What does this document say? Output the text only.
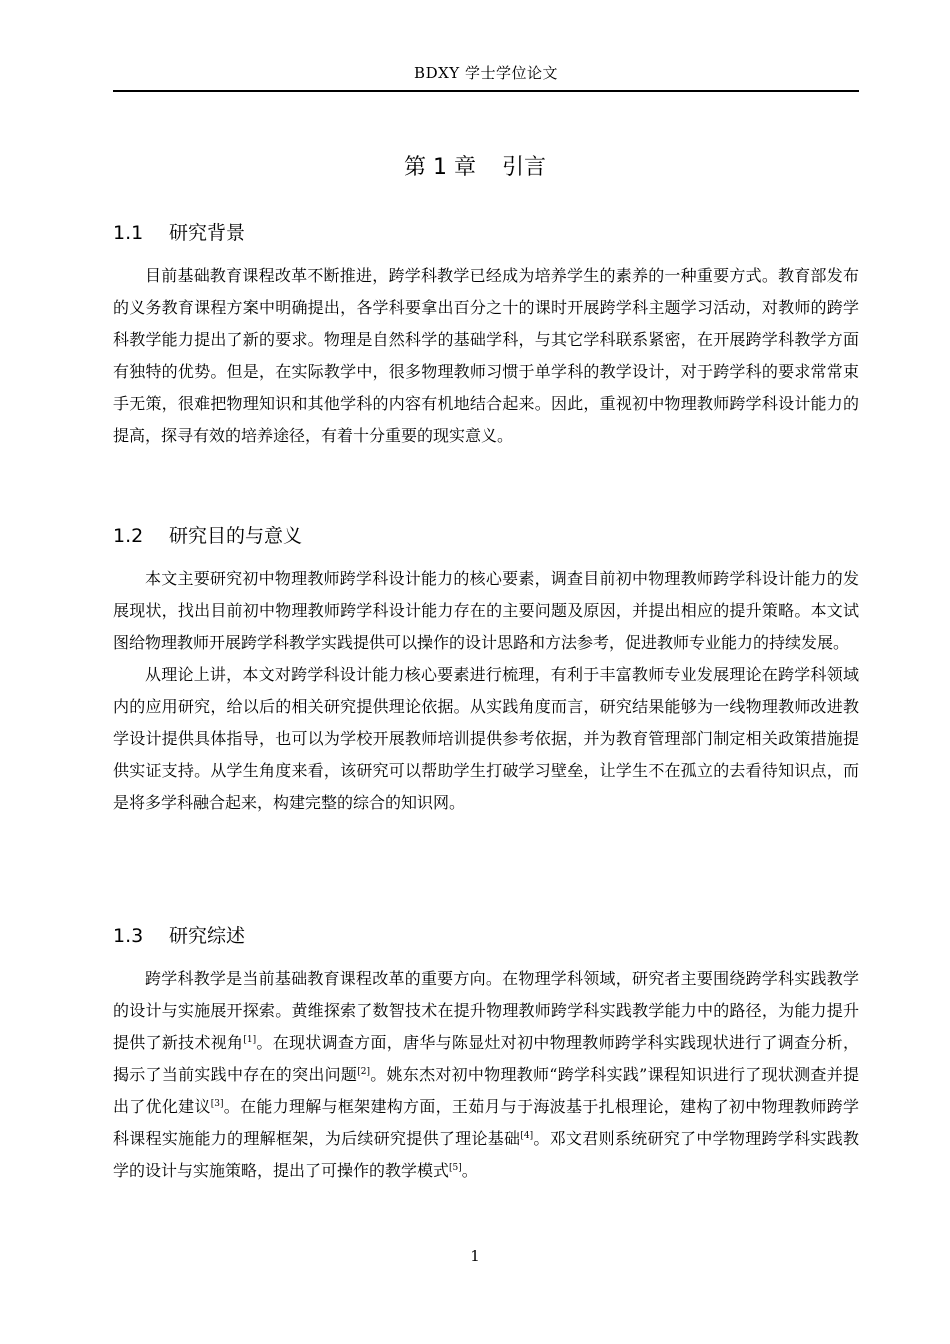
BDXY 学士学位论文
第 1 章 引言
1.1 研究背景

目前基础教育课程改革不断推进，跨学科教学已经成为培养学生的素养的一种重要方式。教育部发布的义务教育课程方案中明确提出，各学科要拿出百分之十的课时开展跨学科主题学习活动，对教师的跨学科教学能力提出了新的要求。物理是自然科学的基础学科，与其它学科联系紧密，在开展跨学科教学方面有独特的优势。但是，在实际教学中，很多物理教师习惯于单学科的教学设计，对于跨学科的要求常常束手无策，很难把物理知识和其他学科的内容有机地结合起来。因此，重视初中物理教师跨学科设计能力的提高，探寻有效的培养途径，有着十分重要的现实意义。

1.2 研究目的与意义

本文主要研究初中物理教师跨学科设计能力的核心要素，调查目前初中物理教师跨学科设计能力的发展现状，找出目前初中物理教师跨学科设计能力存在的主要问题及原因，并提出相应的提升策略。本文试图给物理教师开展跨学科教学实践提供可以操作的设计思路和方法参考，促进教师专业能力的持续发展。

从理论上讲，本文对跨学科设计能力核心要素进行梳理，有利于丰富教师专业发展理论在跨学科领域内的应用研究，给以后的相关研究提供理论依据。从实践角度而言，研究结果能够为一线物理教师改进教学设计提供具体指导，也可以为学校开展教师培训提供参考依据，并为教育管理部门制定相关政策措施提供实证支持。从学生角度来看，该研究可以帮助学生打破学习壁垒，让学生不在孤立的去看待知识点，而是将多学科融合起来，构建完整的综合的知识网。

1.3 研究综述

跨学科教学是当前基础教育课程改革的重要方向。在物理学科领域，研究者主要围绕跨学科实践教学的设计与实施展开探索。黄维探索了数智技术在提升物理教师跨学科实践教学能力中的路径，为能力提升提供了新技术视角[1]。在现状调查方面，唐华与陈显灶对初中物理教师跨学科实践现状进行了调查分析，揭示了当前实践中存在的突出问题[2]。姚东杰对初中物理教师“跨学科实践”课程知识进行了现状测查并提出了优化建议[3]。在能力理解与框架建构方面，王茹月与于海波基于扎根理论，建构了初中物理教师跨学科课程实施能力的理解框架，为后续研究提供了理论基础[4]。邓文君则系统研究了中学物理跨学科实践教学的设计与实施策略，提出了可操作的教学模式[5]。

1
